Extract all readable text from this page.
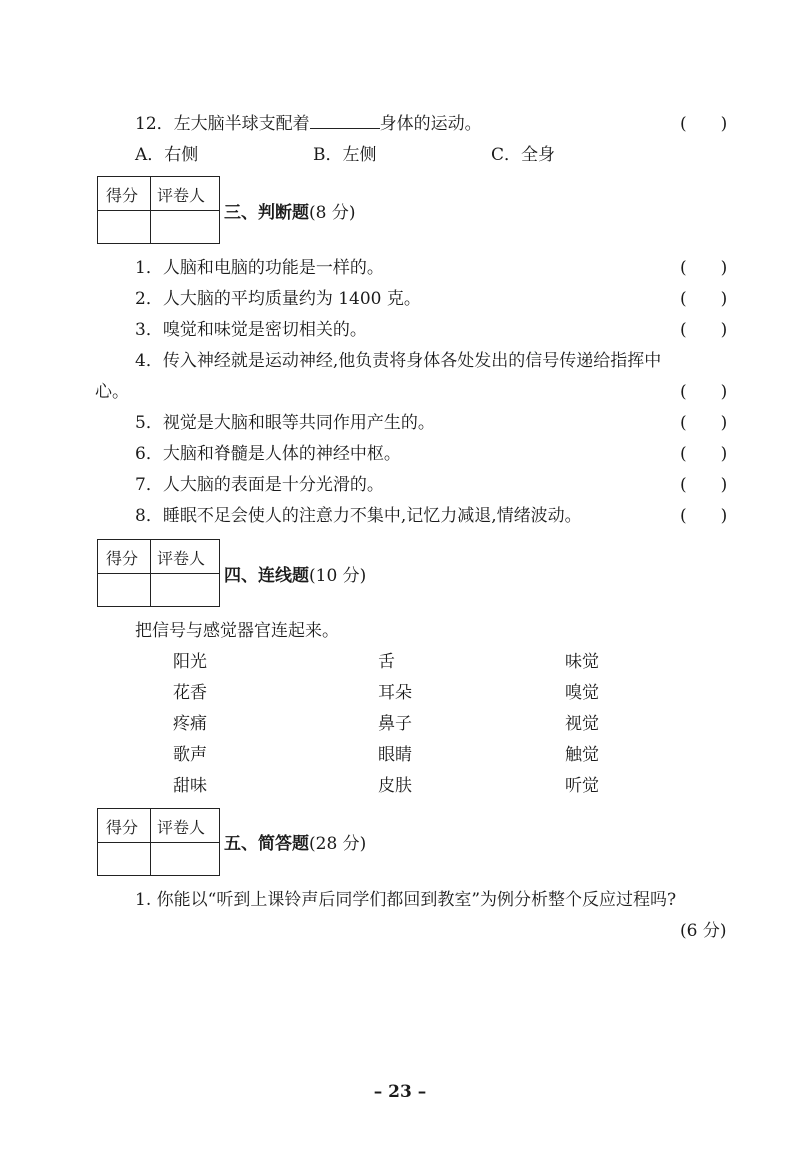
12．左大脑半球支配着	身体的运动。	(　　)
A．右侧	B．左侧	C．全身
得分 评卷人
三、判断题(8 分)
1．人脑和电脑的功能是一样的。	(　　)
2．人大脑的平均质量约为 1400 克。	(　　)
3．嗅觉和味觉是密切相关的。	(　　)
4．传入神经就是运动神经,他负责将身体各处发出的信号传递给指挥中
心。	(　　)
5．视觉是大脑和眼等共同作用产生的。	(　　)
6．大脑和脊髓是人体的神经中枢。	(　　)
7．人大脑的表面是十分光滑的。	(　　)
8．睡眠不足会使人的注意力不集中,记忆力减退,情绪波动。	(　　)
得分 评卷人
四、连线题(10 分)
把信号与感觉器官连起来。
阳光	舌	味觉
花香	耳朵	嗅觉
疼痛	鼻子	视觉
歌声	眼睛	触觉
甜味	皮肤	听觉
得分 评卷人
五、简答题(28 分)
1. 你能以“听到上课铃声后同学们都回到教室”为例分析整个反应过程吗?
(6 分)
– 23 –
